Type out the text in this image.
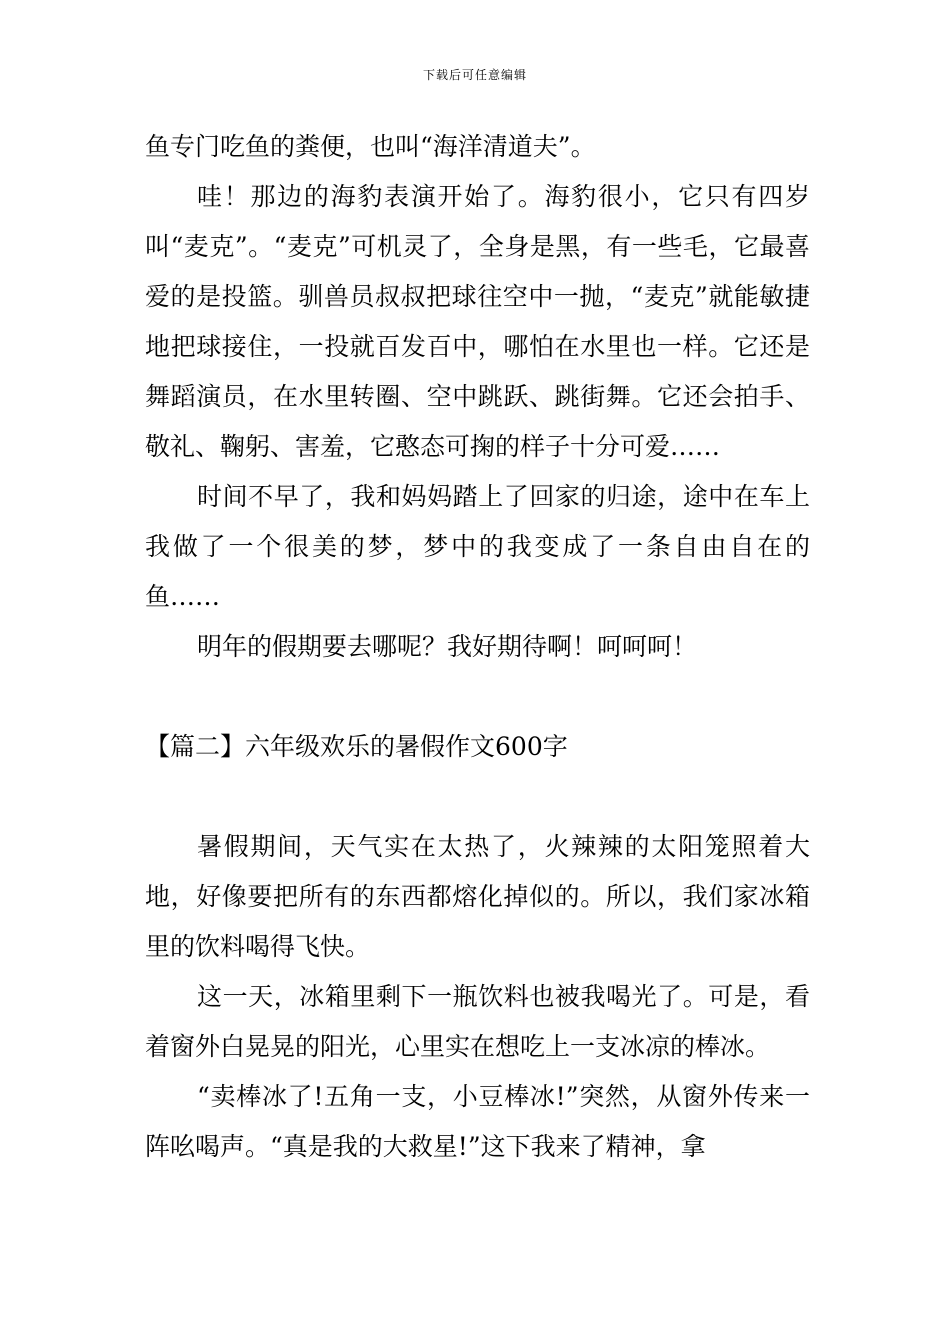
下载后可任意编辑

鱼专门吃鱼的粪便，也叫“海洋清道夫”。

哇！那边的海豹表演开始了。海豹很小，它只有四岁叫“麦克”。“麦克”可机灵了，全身是黑，有一些毛，它最喜爱的是投篮。驯兽员叔叔把球往空中一抛，“麦克”就能敏捷地把球接住，一投就百发百中，哪怕在水里也一样。它还是舞蹈演员，在水里转圈、空中跳跃、跳街舞。它还会拍手、敬礼、鞠躬、害羞，它憨态可掬的样子十分可爱……

时间不早了，我和妈妈踏上了回家的归途，途中在车上我做了一个很美的梦，梦中的我变成了一条自由自在的鱼……

明年的假期要去哪呢？我好期待啊！呵呵呵！

【篇二】六年级欢乐的暑假作文600字

暑假期间，天气实在太热了，火辣辣的太阳笼照着大地，好像要把所有的东西都熔化掉似的。所以，我们家冰箱里的饮料喝得飞快。

这一天，冰箱里剩下一瓶饮料也被我喝光了。可是，看着窗外白晃晃的阳光，心里实在想吃上一支冰凉的棒冰。

“卖棒冰了!五角一支，小豆棒冰!”突然，从窗外传来一阵吆喝声。“真是我的大救星!”这下我来了精神，拿
